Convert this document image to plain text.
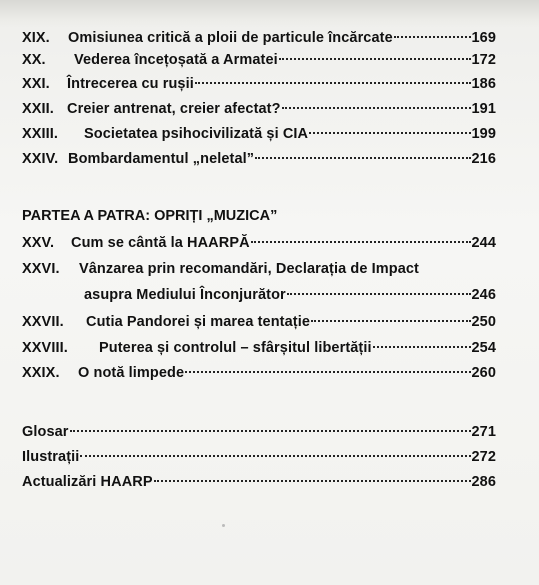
XIX.	Omisiunea critică a ploii de particule încărcate	169
XX.	Vederea încețoșată a Armatei	172
XXI.	Întrecerea cu rușii	186
XXII. Creier antrenat, creier afectat?	191
XXIII.	Societatea psihocivilizată și CIA	199
XXIV. Bombardamentul „neletal”	216
PARTEA A PATRA: OPRIȚI „MUZICA”
XXV.	Cum se cântă la HAARPĂ	244
XXVI.	Vânzarea prin recomandări, Declarația de Impact
asupra Mediului Înconjurător	246
XXVII.	Cutia Pandorei și marea tentație	250
XXVIII.	Puterea și controlul – sfârșitul libertății	254
XXIX.	O notă limpede	260
Glosar	271
Ilustrații	272
Actualizări HAARP	286
